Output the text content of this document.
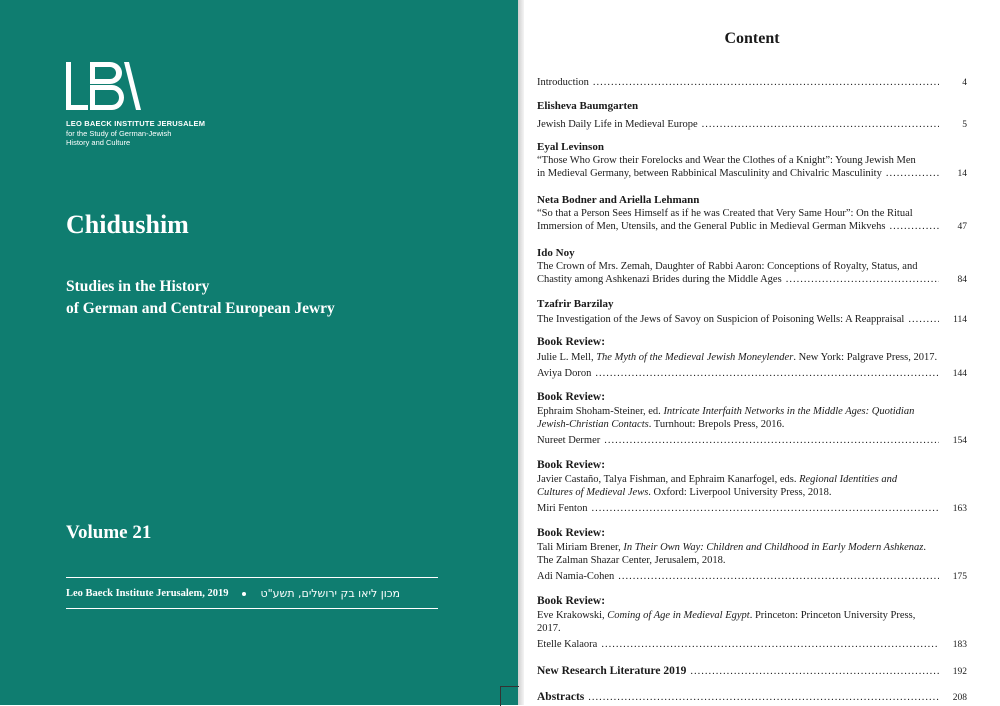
LEO BAECK INSTITUTE JERUSALEM
for the Study of German-Jewish
History and Culture
Chidushim
Studies in the History
of German and Central European Jewry
Volume 21
Leo Baeck Institute Jerusalem, 2019	מכון ליאו בק ירושלים, תשע"ט
Content
Introduction .....	4
Elisheva Baumgarten
Jewish Daily Life in Medieval Europe .....	5
Eyal Levinson
“Those Who Grow their Forelocks and Wear the Clothes of a Knight”: Young Jewish Men
in Medieval Germany, between Rabbinical Masculinity and Chivalric Masculinity .....	14
Neta Bodner and Ariella Lehmann
“So that a Person Sees Himself as if he was Created that Very Same Hour”: On the Ritual
Immersion of Men, Utensils, and the General Public in Medieval German Mikvehs .....	47
Ido Noy
The Crown of Mrs. Zemah, Daughter of Rabbi Aaron: Conceptions of Royalty, Status, and
Chastity among Ashkenazi Brides during the Middle Ages .....	84
Tzafrir Barzilay
The Investigation of the Jews of Savoy on Suspicion of Poisoning Wells: A Reappraisal .....	114
Book Review:
Julie L. Mell, The Myth of the Medieval Jewish Moneylender. New York: Palgrave Press, 2017.
Aviya Doron .....	144
Book Review:
Ephraim Shoham-Steiner, ed. Intricate Interfaith Networks in the Middle Ages: Quotidian
Jewish-Christian Contacts. Turnhout: Brepols Press, 2016.
Nureet Dermer .....	154
Book Review:
Javier Castaño, Talya Fishman, and Ephraim Kanarfogel, eds. Regional Identities and
Cultures of Medieval Jews. Oxford: Liverpool University Press, 2018.
Miri Fenton .....	163
Book Review:
Tali Miriam Brener, In Their Own Way: Children and Childhood in Early Modern Ashkenaz.
The Zalman Shazar Center, Jerusalem, 2018.
Adi Namia-Cohen .....	175
Book Review:
Eve Krakowski, Coming of Age in Medieval Egypt. Princeton: Princeton University Press,
2017.
Etelle Kalaora .....	183
New Research Literature 2019 .....	192
Abstracts .....	208
